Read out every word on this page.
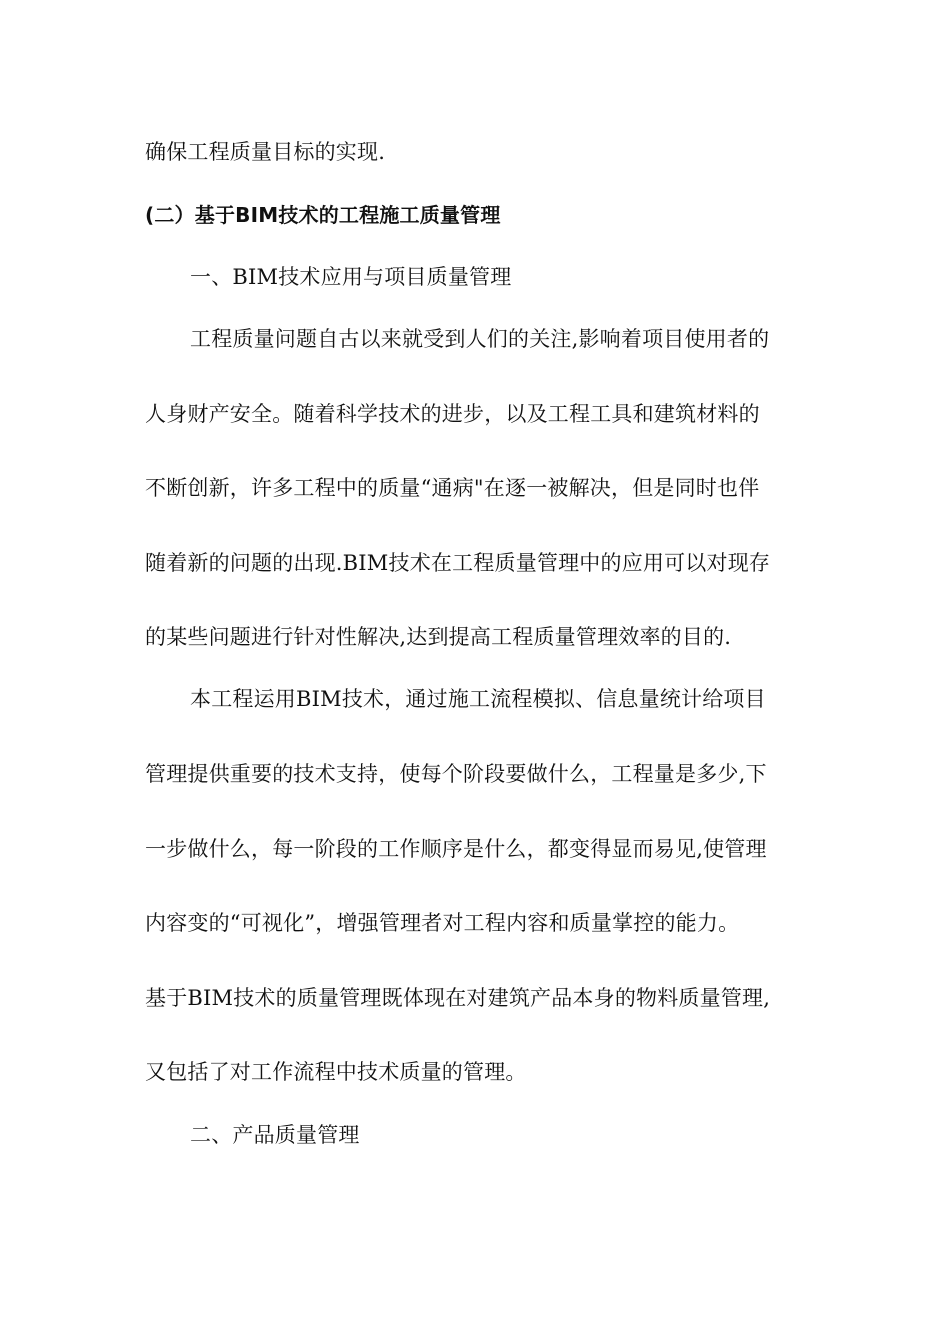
确保工程质量目标的实现.
(二）基于BIM技术的工程施工质量管理
一、BIM技术应用与项目质量管理
工程质量问题自古以来就受到人们的关注,影响着项目使用者的
人身财产安全。随着科学技术的进步，以及工程工具和建筑材料的
不断创新，许多工程中的质量“通病"在逐一被解决，但是同时也伴
随着新的问题的出现.BIM技术在工程质量管理中的应用可以对现存
的某些问题进行针对性解决,达到提高工程质量管理效率的目的.
本工程运用BIM技术，通过施工流程模拟、信息量统计给项目
管理提供重要的技术支持，使每个阶段要做什么，工程量是多少,下
一步做什么，每一阶段的工作顺序是什么，都变得显而易见,使管理
内容变的“可视化”，增强管理者对工程内容和质量掌控的能力。
基于BIM技术的质量管理既体现在对建筑产品本身的物料质量管理,
又包括了对工作流程中技术质量的管理。
二、产品质量管理
